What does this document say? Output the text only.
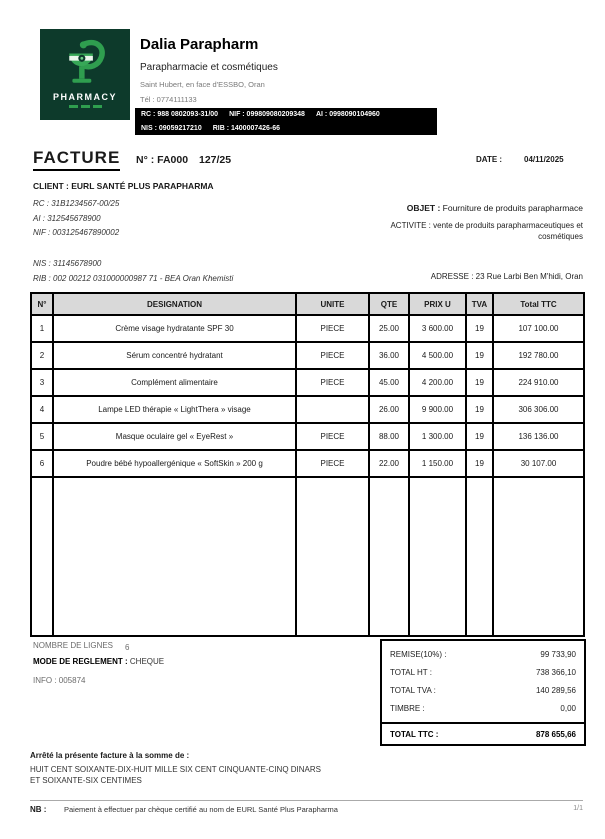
PHARMACY
Dalia Parapharm
Parapharmacie et cosmétiques
Saint Hubert, en face d'ESSBO, Oran
Tél : 0774111133
RC : 988 0802093-31/00 NIF : 099809080209348 AI : 0998090104960
NIS : 09059217210 RIB : 1400007426-66
FACTURE N° : FA000 127/25	DATE :	04/11/2025
CLIENT : EURL SANTÉ PLUS PARAPHARMA
RC : 31B1234567-00/25
AI : 312545678900
NIF : 003125467890002
NIS : 31145678900
RIB : 002 00212 031000000987 71 - BEA Oran Khemisti
OBJET : Fourniture de produits parapharmace
ACTIVITE : vente de produits parapharmaceutiques et cosmétiques
ADRESSE : 23 Rue Larbi Ben M'hidi, Oran
N°	DESIGNATION	UNITE	QTE	PRIX U	TVA	Total TTC
1	Crème visage hydratante SPF 30	PIECE	25.00	3 600.00	19	107 100.00
2	Sérum concentré hydratant	PIECE	36.00	4 500.00	19	192 780.00
3	Complément alimentaire	PIECE	45.00	4 200.00	19	224 910.00
4	Lampe LED thérapie « LightThera » visage		26.00	9 900.00	19	306 306.00
5	Masque oculaire gel « EyeRest »	PIECE	88.00	1 300.00	19	136 136.00
6	Poudre bébé hypoallergénique « SoftSkin » 200 g	PIECE	22.00	1 150.00	19	30 107.00

NOMBRE DE LIGNES 6
MODE DE REGLEMENT : CHEQUE
INFO : 005874
REMISE(10%) :	99 733,90
TOTAL HT :	738 366,10
TOTAL TVA :	140 289,56
TIMBRE :	0,00
TOTAL TTC :	878 655,66
Arrêté la présente facture à la somme de :
HUIT CENT SOIXANTE-DIX-HUIT MILLE SIX CENT CINQUANTE-CINQ DINARS ET SOIXANTE-SIX CENTIMES
NB : Paiement à effectuer par chèque certifié au nom de EURL Santé Plus Parapharma	1/1
